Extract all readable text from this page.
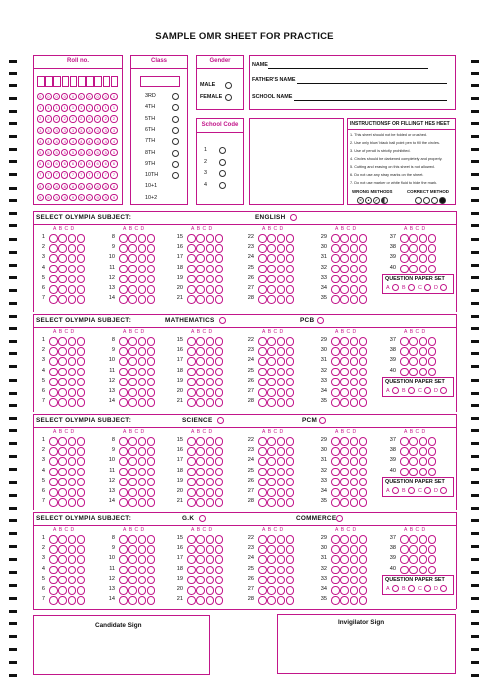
SAMPLE OMR SHEET FOR PRACTICE
Roll no.
0	0	0	0	0	0	0	0	0	0
1	1	1	1	1	1	1	1	1	1
2	2	2	2	2	2	2	2	2	2
3	3	3	3	3	3	3	3	3	3
4	4	4	4	4	4	4	4	4	4
5	5	5	5	5	5	5	5	5	5
6	6	6	6	6	6	6	6	6	6
7	7	7	7	7	7	7	7	7	7
8	8	8	8	8	8	8	8	8	8
9	9	9	9	9	9	9	9	9	9
Class
3RD
4TH
5TH
6TH
7TH
8TH
9TH
10TH
10+1
10+2
Gender
MALE
FEMALE
School Code
1
2
3
4
NAME
FATHER'S NAME
SCHOOL NAME
INSTRUCTIONSF OR FILLINGT HES HEET
1. This sheet should not be folded or crushed.
2. Use only blue/ black ball point pen to fill the circles.
3. Use of pencil is strictly prohibited.
4. Circles should be darkened completely and properly.
5. Cutting and erasing on this sheet is not allowed.
6. Do not use any stray marks on the sheet.
7. Do not use marker or white fluid to hide the mark.
WRONG METHODS	CORRECT METHOD
×	•	✓
SELECT OLYMPIA SUBJECT:	ENGLISH
ABCD
1
2
3
4
5
6
7
ABCD
8
9
10
11
12
13
14
ABCD
15
16
17
18
19
20
21
ABCD
22
23
24
25
26
27
28
ABCD
29
30
31
32
33
34
35
ABCD
37
38
39
40
QUESTION PAPER SET
A B C D
SELECT OLYMPIA SUBJECT:	MATHEMATICS	PCB
ABCD
1
2
3
4
5
6
7
ABCD
8
9
10
11
12
13
14
ABCD
15
16
17
18
19
20
21
ABCD
22
23
24
25
26
27
28
ABCD
29
30
31
32
33
34
35
ABCD
37
38
39
40
QUESTION PAPER SET
A B C D
SELECT OLYMPIA SUBJECT:	SCIENCE	PCM
ABCD
1
2
3
4
5
6
7
ABCD
8
9
10
11
12
13
14
ABCD
15
16
17
18
19
20
21
ABCD
22
23
24
25
26
27
28
ABCD
29
30
31
32
33
34
35
ABCD
37
38
39
40
QUESTION PAPER SET
A B C D
SELECT OLYMPIA SUBJECT:	G.K	COMMERCE
ABCD
1
2
3
4
5
6
7
ABCD
8
9
10
11
12
13
14
ABCD
15
16
17
18
19
20
21
ABCD
22
23
24
25
26
27
28
ABCD
29
30
31
32
33
34
35
ABCD
37
38
39
40
QUESTION PAPER SET
A B C D
Candidate Sign	Invigilator Sign
